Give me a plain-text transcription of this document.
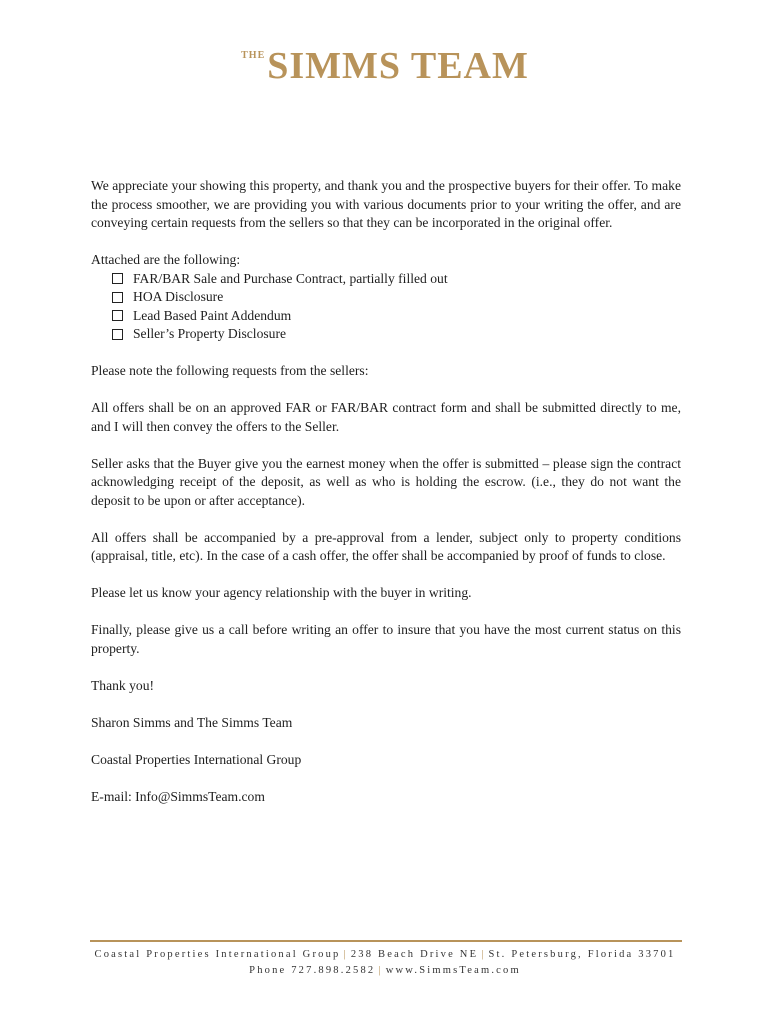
$^{THE}$SIMMS TEAM

We appreciate your showing this property, and thank you and the prospective buyers for their offer. To make the process smoother, we are providing you with various documents prior to your writing the offer, and are conveying certain requests from the sellers so that they can be incorporated in the original offer.

Attached are the following:

FAR/BAR Sale and Purchase Contract, partially filled out
HOA Disclosure
Lead Based Paint Addendum
Seller’s Property Disclosure

Please note the following requests from the sellers:

All offers shall be on an approved FAR or FAR/BAR contract form and shall be submitted directly to me, and I will then convey the offers to the Seller.

Seller asks that the Buyer give you the earnest money when the offer is submitted – please sign the contract acknowledging receipt of the deposit, as well as who is holding the escrow. (i.e., they do not want the deposit to be upon or after acceptance).

All offers shall be accompanied by a pre-approval from a lender, subject only to property conditions (appraisal, title, etc). In the case of a cash offer, the offer shall be accompanied by proof of funds to close.

Please let us know your agency relationship with the buyer in writing.

Finally, please give us a call before writing an offer to insure that you have the most current status on this property.

Thank you!

Sharon Simms and The Simms Team

Coastal Properties International Group

E-mail: Info@SimmsTeam.com

Coastal Properties International Group | 238 Beach Drive NE | St. Petersburg, Florida 33701
Phone 727.898.2582 | www.SimmsTeam.com
